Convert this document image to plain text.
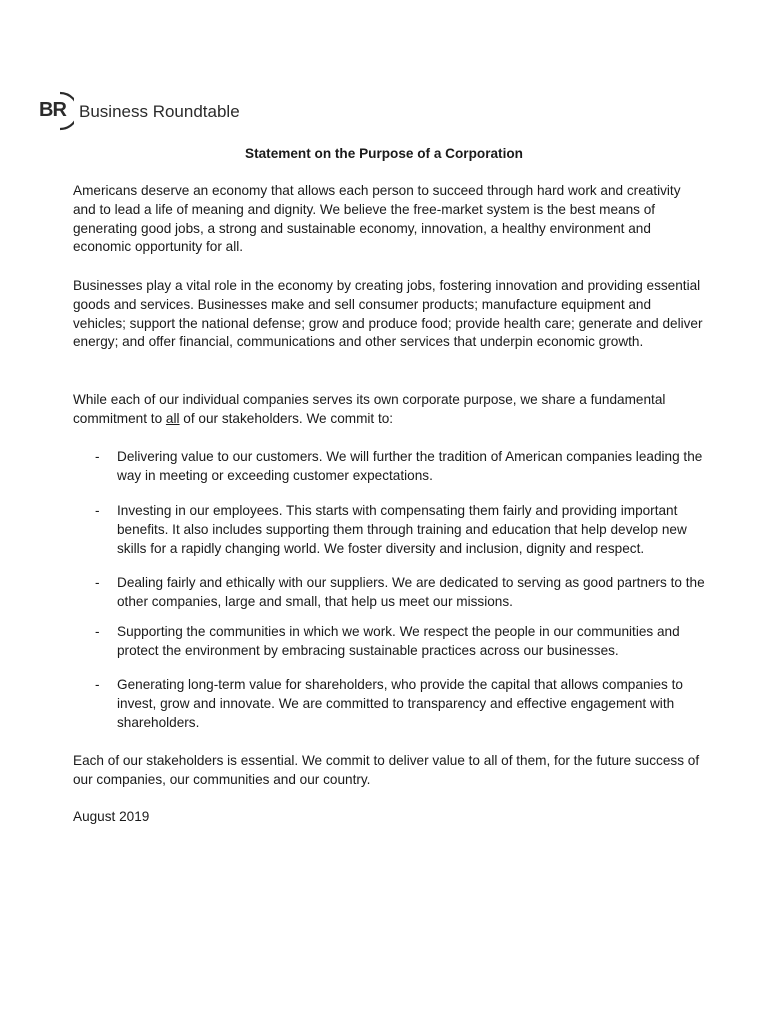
BR Business Roundtable

Statement on the Purpose of a Corporation

Americans deserve an economy that allows each person to succeed through hard work and creativity and to lead a life of meaning and dignity. We believe the free-market system is the best means of generating good jobs, a strong and sustainable economy, innovation, a healthy environment and economic opportunity for all.

Businesses play a vital role in the economy by creating jobs, fostering innovation and providing essential goods and services. Businesses make and sell consumer products; manufacture equipment and vehicles; support the national defense; grow and produce food; provide health care; generate and deliver energy; and offer financial, communications and other services that underpin economic growth.

While each of our individual companies serves its own corporate purpose, we share a fundamental commitment to all of our stakeholders. We commit to:

- Delivering value to our customers. We will further the tradition of American companies leading the way in meeting or exceeding customer expectations.
- Investing in our employees. This starts with compensating them fairly and providing important benefits. It also includes supporting them through training and education that help develop new skills for a rapidly changing world. We foster diversity and inclusion, dignity and respect.
- Dealing fairly and ethically with our suppliers. We are dedicated to serving as good partners to the other companies, large and small, that help us meet our missions.
- Supporting the communities in which we work. We respect the people in our communities and protect the environment by embracing sustainable practices across our businesses.
- Generating long-term value for shareholders, who provide the capital that allows companies to invest, grow and innovate. We are committed to transparency and effective engagement with shareholders.

Each of our stakeholders is essential. We commit to deliver value to all of them, for the future success of our companies, our communities and our country.

August 2019
